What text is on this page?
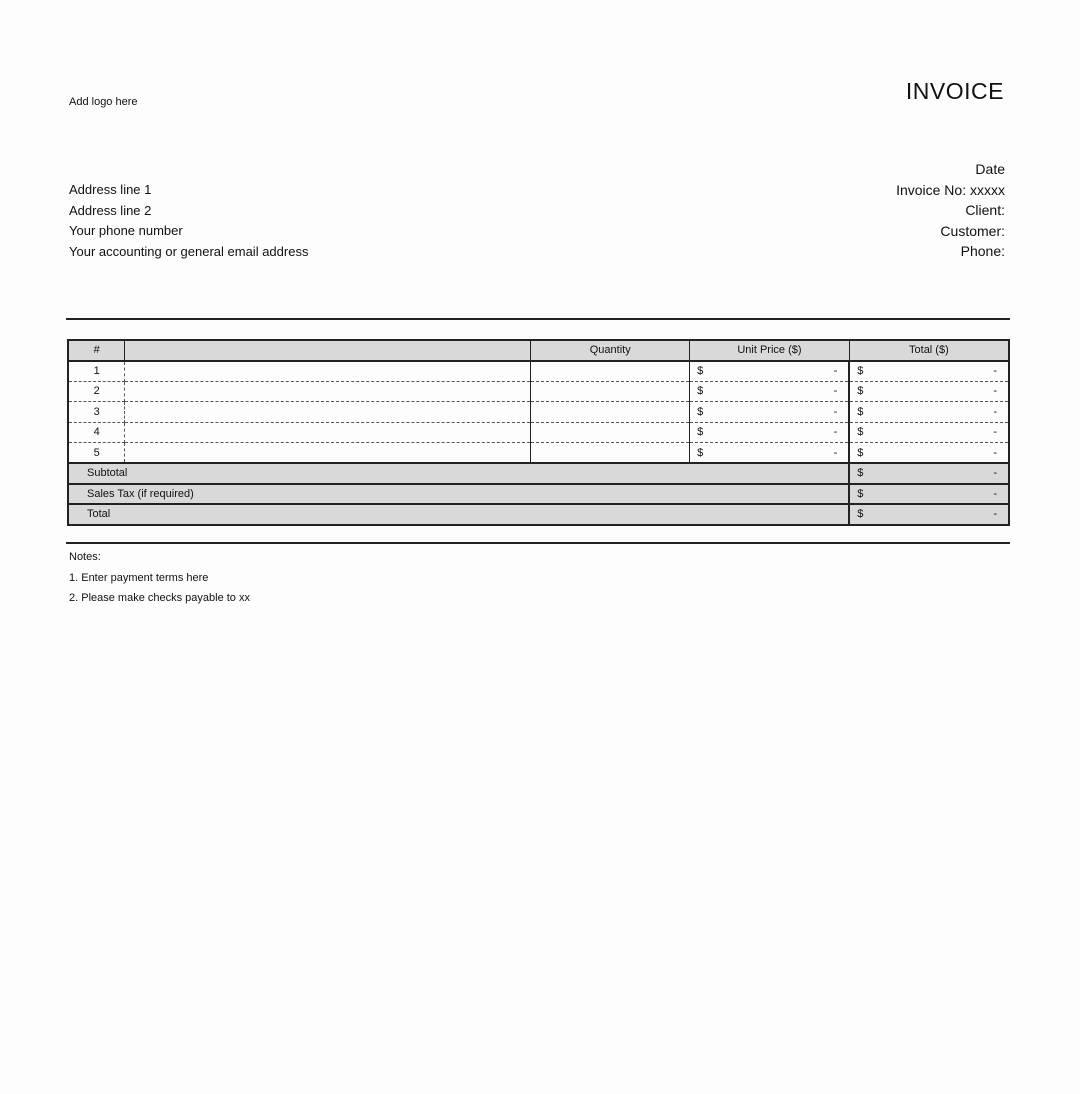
Add logo here	INVOICE
Address line 1
Address line 2
Your phone number
Your accounting or general email address
Date
Invoice No: xxxxx
Client:
Customer:
Phone:
#		Quantity	Unit Price ($)	Total ($)
1			$ -	$ -

2			$ -	$ -

3			$ -	$ -

4			$ -	$ -

5			$ -	$ -

Subtotal				$ -

Sales Tax (if required)				$ -

Total				$ -
Notes:
1. Enter payment terms here
2. Please make checks payable to xx
